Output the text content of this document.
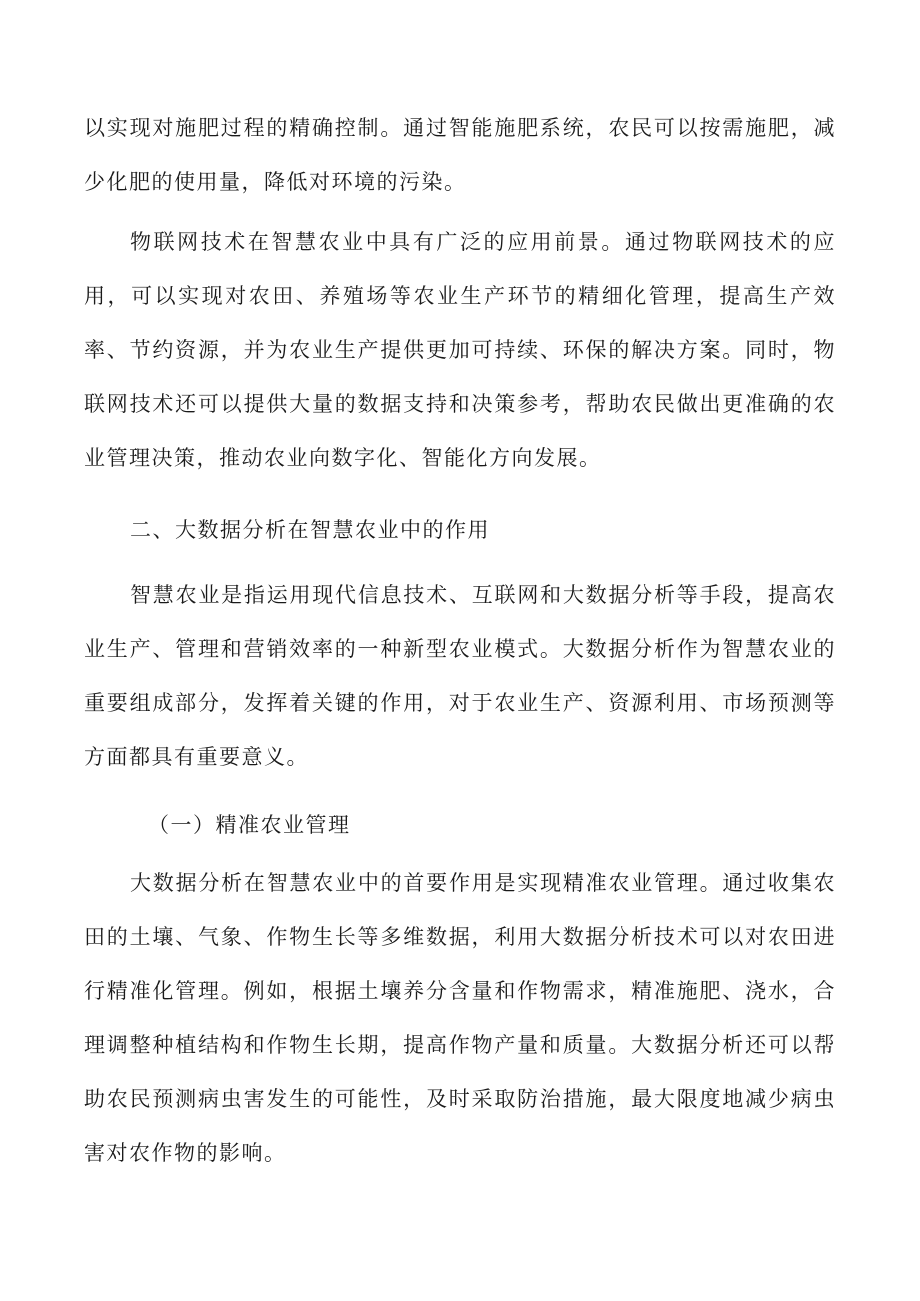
以实现对施肥过程的精确控制。通过智能施肥系统，农民可以按需施肥，减少化肥的使用量，降低对环境的污染。

物联网技术在智慧农业中具有广泛的应用前景。通过物联网技术的应用，可以实现对农田、养殖场等农业生产环节的精细化管理，提高生产效率、节约资源，并为农业生产提供更加可持续、环保的解决方案。同时，物联网技术还可以提供大量的数据支持和决策参考，帮助农民做出更准确的农业管理决策，推动农业向数字化、智能化方向发展。

二、大数据分析在智慧农业中的作用

智慧农业是指运用现代信息技术、互联网和大数据分析等手段，提高农业生产、管理和营销效率的一种新型农业模式。大数据分析作为智慧农业的重要组成部分，发挥着关键的作用，对于农业生产、资源利用、市场预测等方面都具有重要意义。

（一）精准农业管理

大数据分析在智慧农业中的首要作用是实现精准农业管理。通过收集农田的土壤、气象、作物生长等多维数据，利用大数据分析技术可以对农田进行精准化管理。例如，根据土壤养分含量和作物需求，精准施肥、浇水，合理调整种植结构和作物生长期，提高作物产量和质量。大数据分析还可以帮助农民预测病虫害发生的可能性，及时采取防治措施，最大限度地减少病虫害对农作物的影响。
